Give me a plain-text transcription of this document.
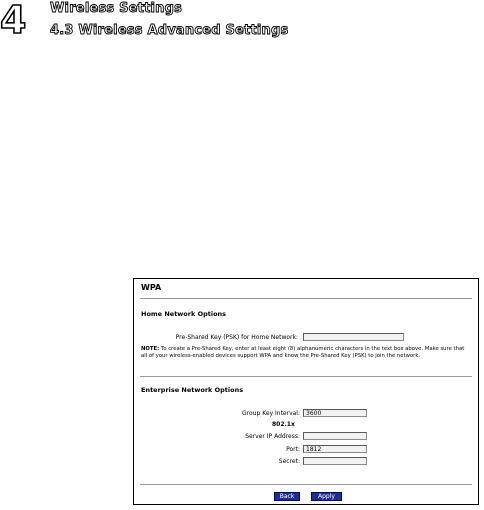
4 Wireless Settings
4.3 Wireless Advanced Settings
WPA
Home Network Options
Pre-Shared Key (PSK) for Home Network:
NOTE: To create a Pre-Shared Key, enter at least eight (8) alphanumeric characters in the text box above. Make sure that all of your wireless-enabled devices support WPA and know the Pre-Shared Key (PSK) to join the network.
Enterprise Network Options
Group Key Interval:
3600
802.1x
Server IP Address:
Port:
1812
Secret:
Back	Apply
